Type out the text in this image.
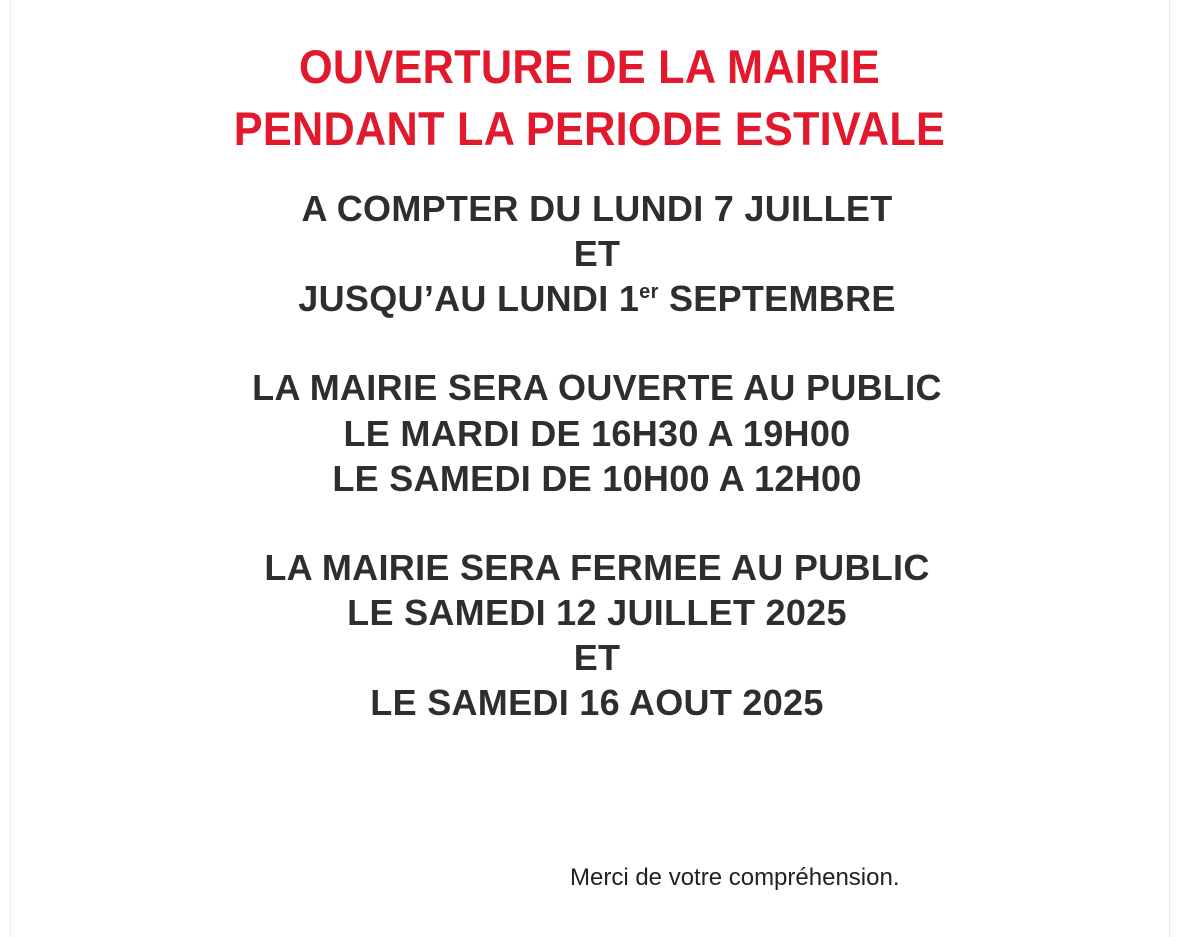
OUVERTURE DE LA MAIRIE
PENDANT LA PERIODE ESTIVALE
A COMPTER DU LUNDI 7 JUILLET
ET
JUSQU’AU LUNDI 1er SEPTEMBRE
LA MAIRIE SERA OUVERTE AU PUBLIC
LE MARDI DE 16H30 A 19H00
LE SAMEDI DE 10H00 A 12H00
LA MAIRIE SERA FERMEE AU PUBLIC
LE SAMEDI 12 JUILLET 2025
ET
LE SAMEDI 16 AOUT 2025
Merci de votre compréhension.
